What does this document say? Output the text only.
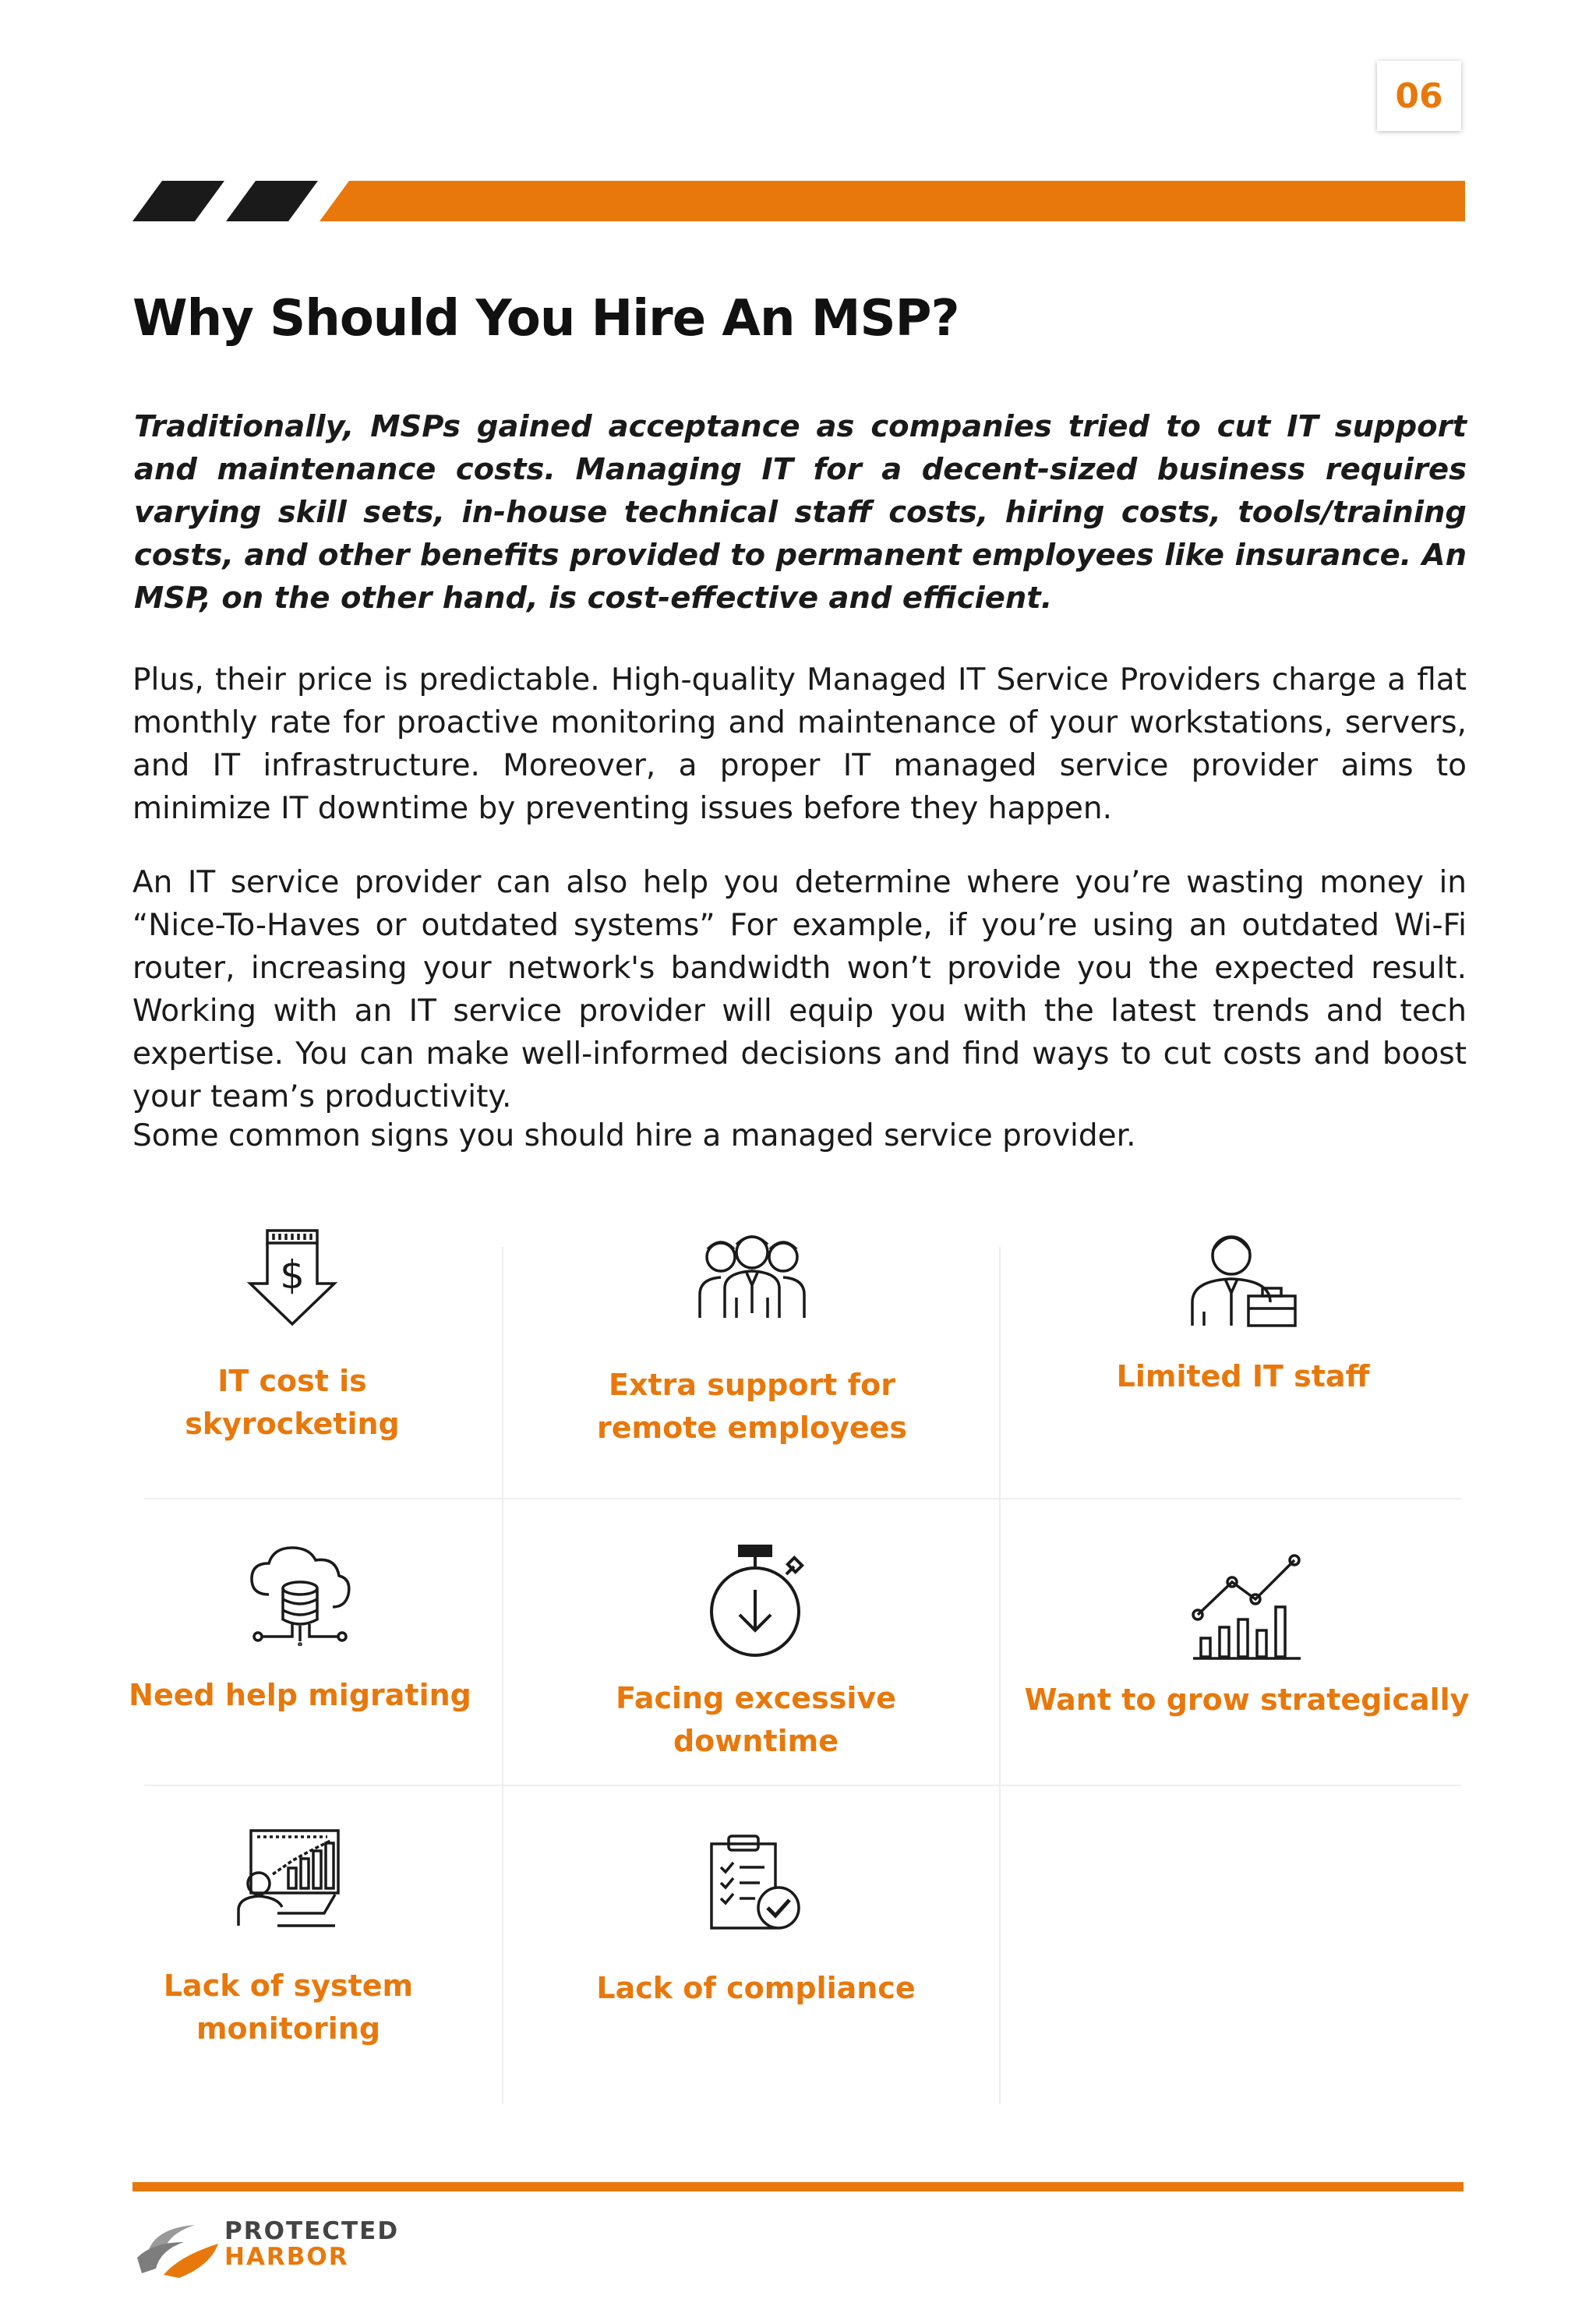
06
Why Should You Hire An MSP?

Traditionally, MSPs gained acceptance as companies tried to cut IT support and maintenance costs. Managing IT for a decent-sized business requires varying skill sets, in-house technical staff costs, hiring costs, tools/training costs, and other benefits provided to permanent employees like insurance. An MSP, on the other hand, is cost-effective and efficient.

Plus, their price is predictable. High-quality Managed IT Service Providers charge a flat monthly rate for proactive monitoring and maintenance of your workstations, servers, and IT infrastructure. Moreover, a proper IT managed service provider aims to minimize IT downtime by preventing issues before they happen.

An IT service provider can also help you determine where you’re wasting money in “Nice-To-Haves or outdated systems” For example, if you’re using an outdated Wi-Fi router, increasing your network's bandwidth won’t provide you the expected result. Working with an IT service provider will equip you with the latest trends and tech expertise. You can make well-informed decisions and find ways to cut costs and boost your team’s productivity.

Some common signs you should hire a managed service provider.

$
IT cost is skyrocketing
Extra support for remote employees
Limited IT staff
Need help migrating	Facing excessive downtime
Want to grow strategically
Lack of system monitoring
Lack of compliance
PROTECTED
HARBOR
